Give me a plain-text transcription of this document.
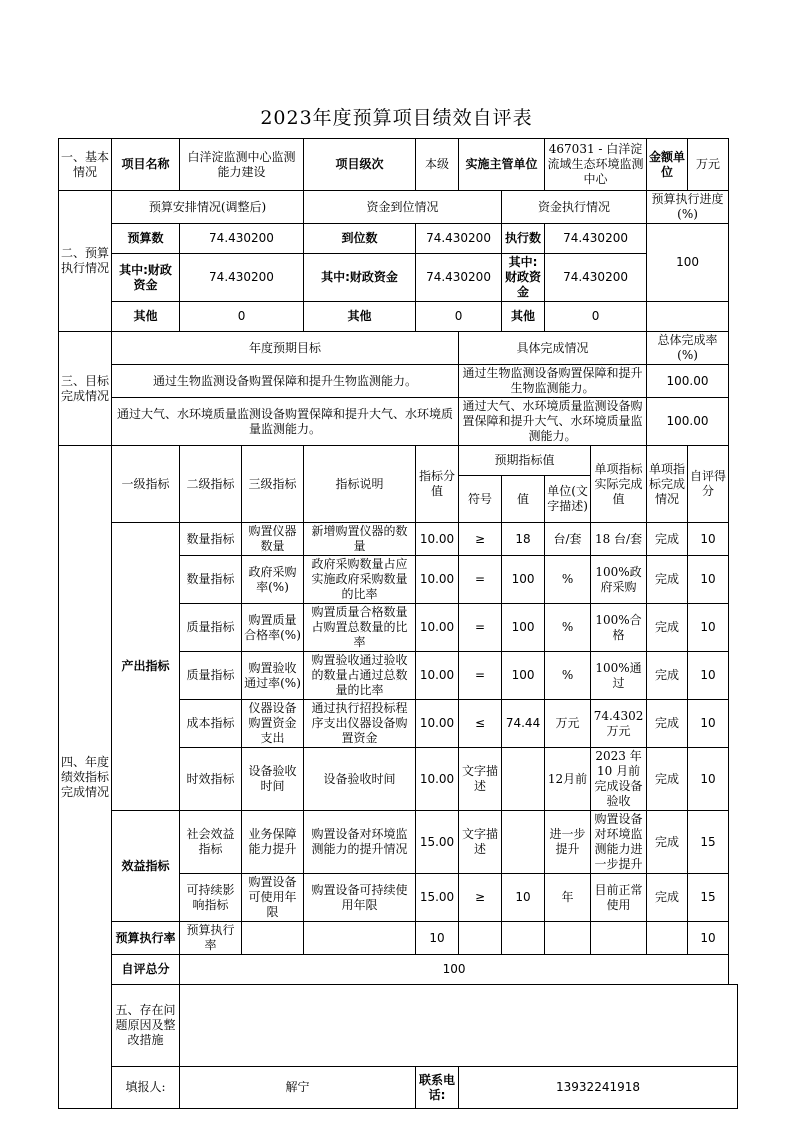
2023年度预算项目绩效自评表
一、基本情况	项目名称	白洋淀监测中心监测能力建设		项目级次	本级	实施主管单位		467031 - 白洋淀流域生态环境监测中心		金额单位	万元
二、预算执行情况	预算安排情况(调整后)			资金到位情况			资金执行情况			预算执行进度(%)	
	预算数	74.430200		到位数	74.430200		执行数	74.430200		100	
	其中:财政资金	74.430200		其中:财政资金	74.430200		其中:财政资金	74.430200			
	其他	0		其他	0		其他	0			
三、目标完成情况	年度预期目标					具体完成情况				总体完成率(%)	
	通过生物监测设备购置保障和提升生物监测能力。					通过生物监测设备购置保障和提升生物监测能力。				100.00	
	通过大气、水环境质量监测设备购置保障和提升大气、水环境质量监测能力。					通过大气、水环境质量监测设备购置保障和提升大气、水环境质量监测能力。				100.00	
四、年度绩效指标完成情况	一级指标	二级指标	三级指标	指标说明	指标分值	预期指标值			单项指标实际完成值	单项指标完成情况	自评得分
						符号	值	单位(文字描述)			
	产出指标	数量指标	购置仪器数量	新增购置仪器的数量	10.00	≥	18	台/套	18 台/套	完成	10
		数量指标	政府采购率(%)	政府采购数量占应实施政府采购数量的比率	10.00	=	100	%	100%政府采购	完成	10
		质量指标	购置质量合格率(%)	购置质量合格数量占购置总数量的比率	10.00	=	100	%	100%合格	完成	10
		质量指标	购置验收通过率(%)	购置验收通过验收的数量占通过总数量的比率	10.00	=	100	%	100%通过	完成	10
		成本指标	仪器设备购置资金支出	通过执行招投标程序支出仪器设备购置资金	10.00	≤	74.44	万元	74.4302 万元	完成	10
		时效指标	设备验收时间	设备验收时间	10.00	文字描述		12月前	2023 年 10 月前完成设备验收	完成	10
	效益指标	社会效益指标	业务保障能力提升	购置设备对环境监测能力的提升情况	15.00	文字描述		进一步提升	购置设备对环境监测能力进一步提升	完成	15
		可持续影响指标	购置设备可使用年限	购置设备可持续使用年限	15.00	≥	10	年	目前正常使用	完成	15
	预算执行率	预算执行率			10						10
	自评总分	100									
	五、存在问题原因及整改措施										
	填报人:	解宁			联系电话:	13932241918					
